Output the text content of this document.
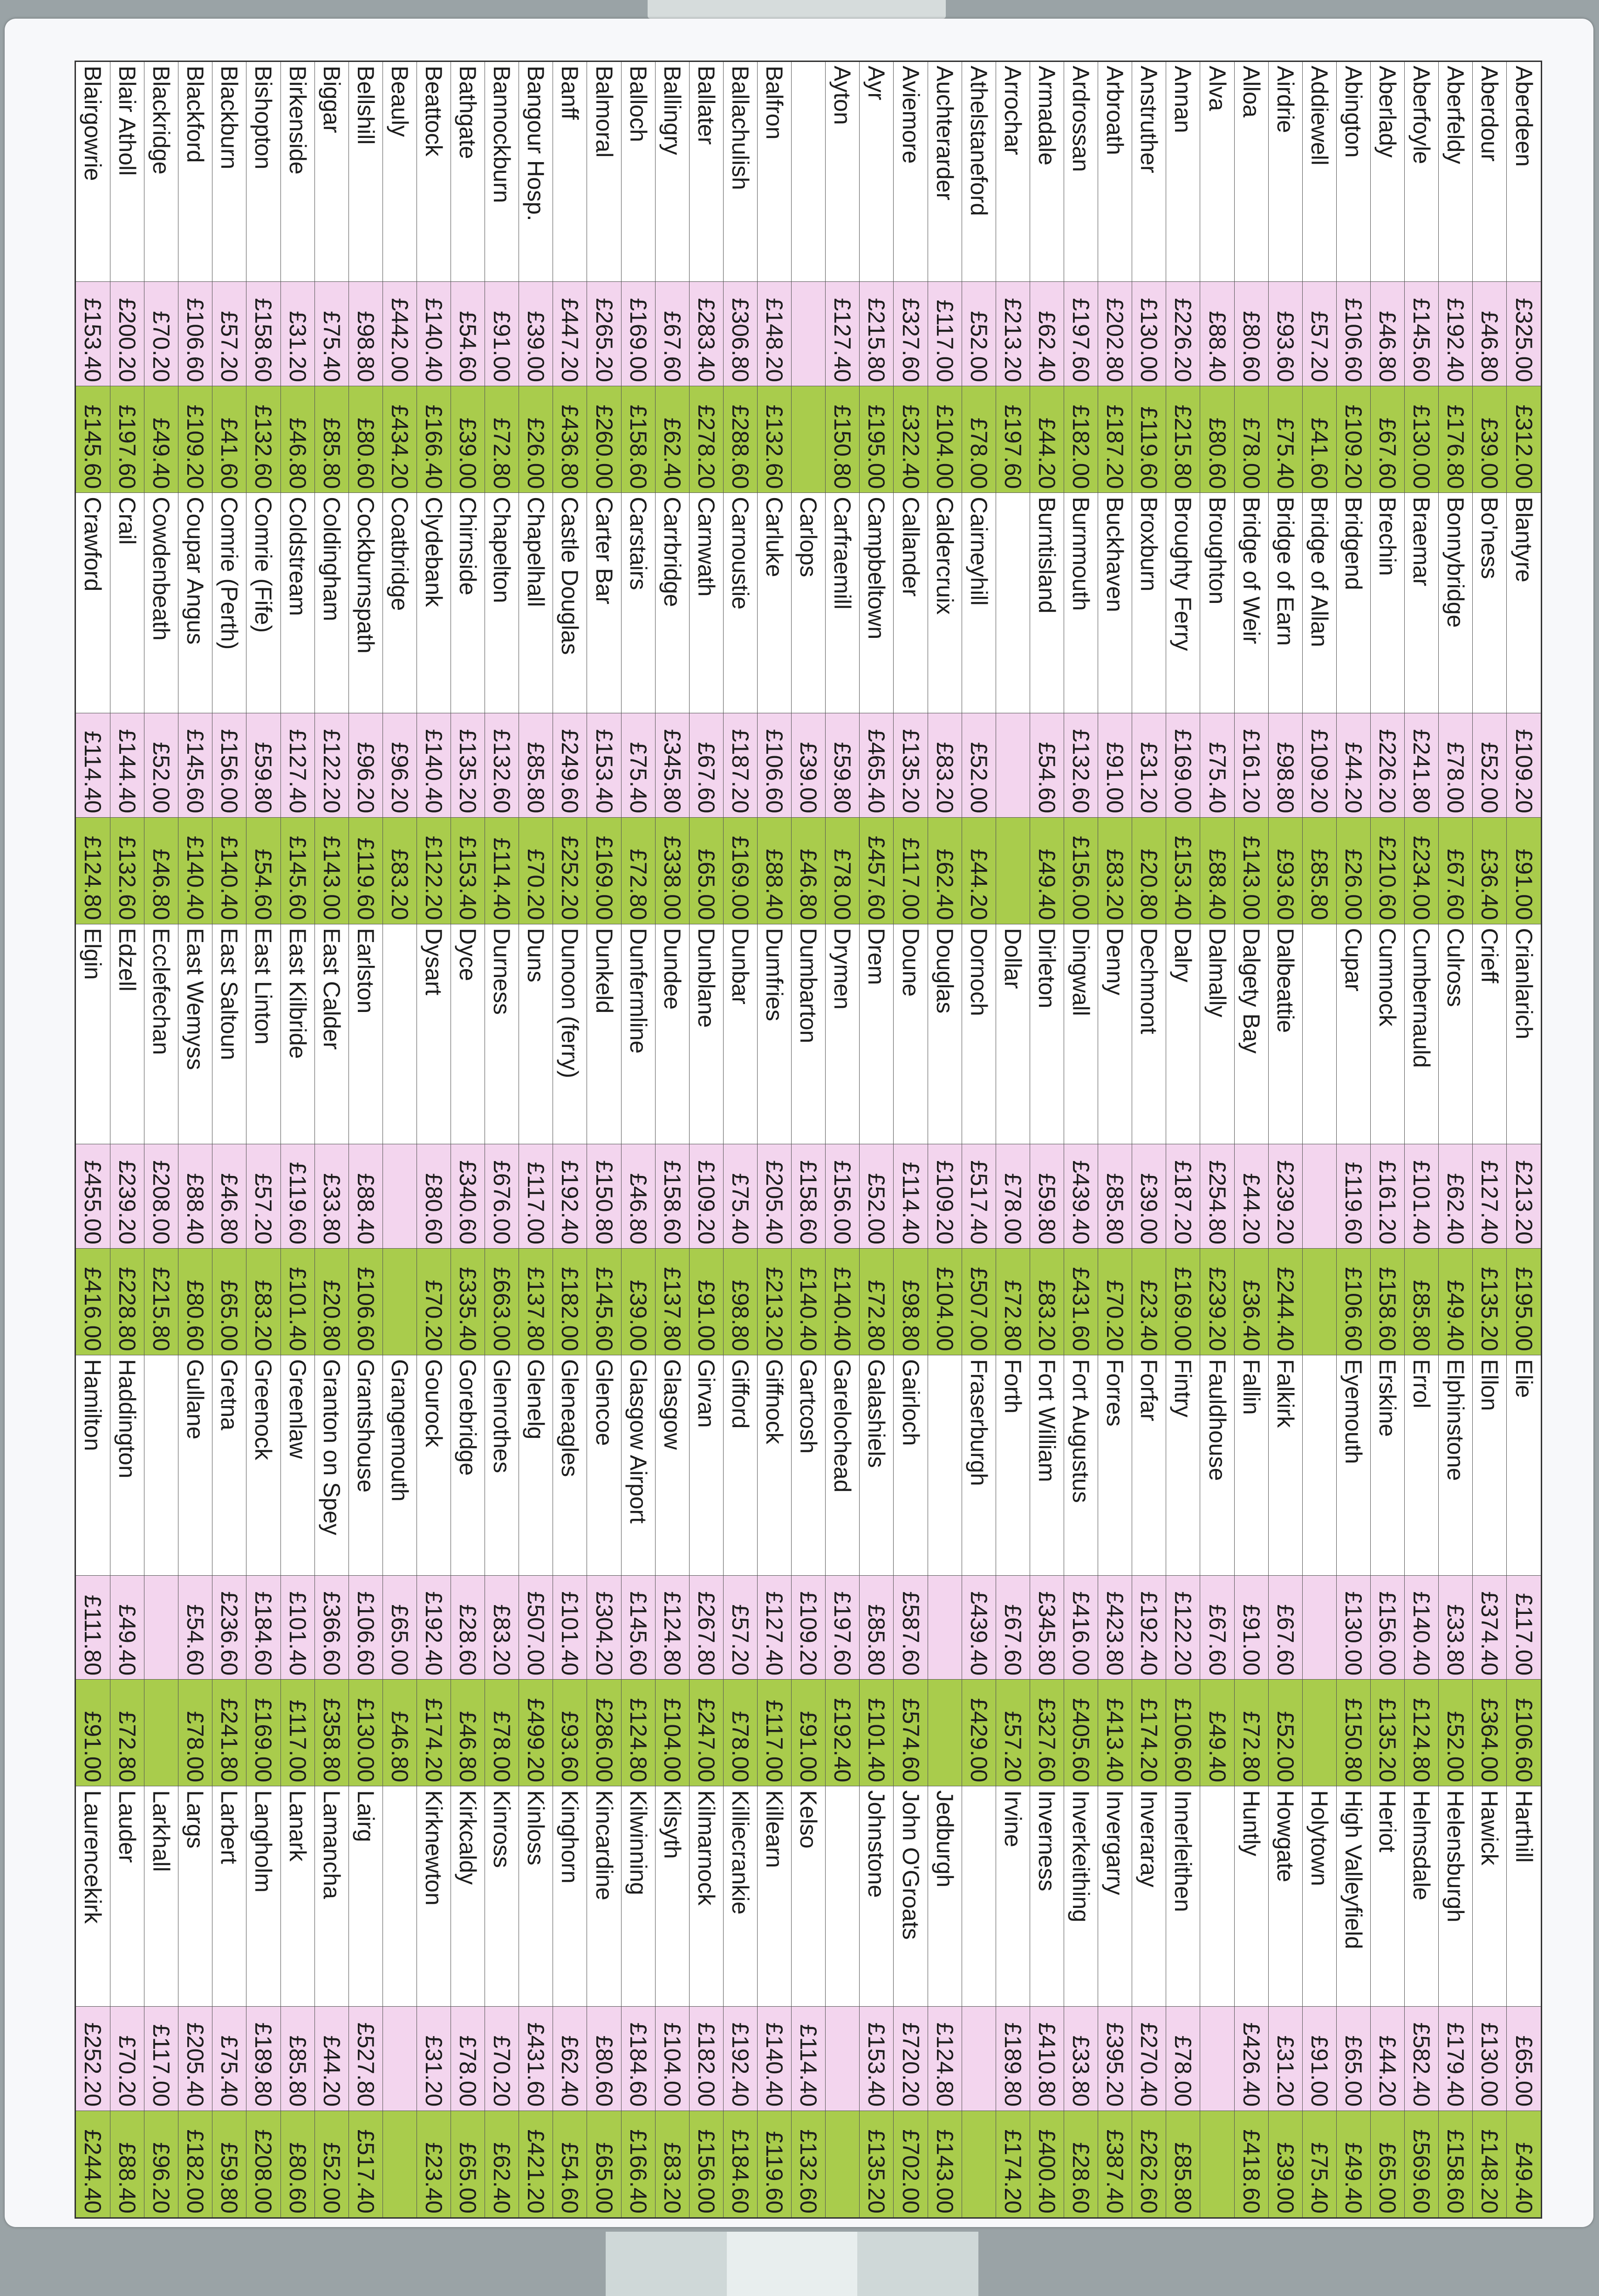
Aberdeen	£325.00	£312.00	Blantyre	£109.20	£91.00	Crianlarich	£213.20	£195.00	Elie	£117.00	£106.60	Harthill	£65.00	£49.40
Aberdour	£46.80	£39.00	Bo'ness	£52.00	£36.40	Crieff	£127.40	£135.20	Ellon	£374.40	£364.00	Hawick	£130.00	£148.20
Aberfeldy	£192.40	£176.80	Bonnybridge	£78.00	£67.60	Culross	£62.40	£49.40	Elphinstone	£33.80	£52.00	Helensburgh	£179.40	£158.60
Aberfoyle	£145.60	£130.00	Braemar	£241.80	£234.00	Cumbernauld	£101.40	£85.80	Errol	£140.40	£124.80	Helmsdale	£582.40	£569.60
Aberlady	£46.80	£67.60	Brechin	£226.20	£210.60	Cumnock	£161.20	£158.60	Erskine	£156.00	£135.20	Heriot	£44.20	£65.00
Abington	£106.60	£109.20	Bridgend	£44.20	£26.00	Cupar	£119.60	£106.60	Eyemouth	£130.00	£150.80	High Valleyfield	£65.00	£49.40
Addiewell	£57.20	£41.60	Bridge of Allan	£109.20	£85.80							Holytown	£91.00	£75.40
Airdrie	£93.60	£75.40	Bridge of Earn	£98.80	£93.60	Dalbeattie	£239.20	£244.40	Falkirk	£67.60	£52.00	Howgate	£31.20	£39.00
Alloa	£80.60	£78.00	Bridge of Weir	£161.20	£143.00	Dalgety Bay	£44.20	£36.40	Fallin	£91.00	£72.80	Huntly	£426.40	£418.60
Alva	£88.40	£80.60	Broughton	£75.40	£88.40	Dalmally	£254.80	£239.20	Fauldhouse	£67.60	£49.40			
Annan	£226.20	£215.80	Broughty Ferry	£169.00	£153.40	Dalry	£187.20	£169.00	Fintry	£122.20	£106.60	Innerleithen	£78.00	£85.80
Anstruther	£130.00	£119.60	Broxburn	£31.20	£20.80	Dechmont	£39.00	£23.40	Forfar	£192.40	£174.20	Inveraray	£270.40	£262.60
Arbroath	£202.80	£187.20	Buckhaven	£91.00	£83.20	Denny	£85.80	£70.20	Forres	£423.80	£413.40	Invergarry	£395.20	£387.40
Ardrossan	£197.60	£182.00	Burnmouth	£132.60	£156.00	Dingwall	£439.40	£431.60	Fort Augustus	£416.00	£405.60	Inverkeithing	£33.80	£28.60
Armadale	£62.40	£44.20	Burntisland	£54.60	£49.40	Dirleton	£59.80	£83.20	Fort William	£345.80	£327.60	Inverness	£410.80	£400.40
Arrochar	£213.20	£197.60				Dollar	£78.00	£72.80	Forth	£67.60	£57.20	Irvine	£189.80	£174.20
Athelstaneford	£52.00	£78.00	Cairneyhill	£52.00	£44.20	Dornoch	£517.40	£507.00	Fraserburgh	£439.40	£429.00			
Auchterarder	£117.00	£104.00	Caldercruix	£83.20	£62.40	Douglas	£109.20	£104.00				Jedburgh	£124.80	£143.00
Aviemore	£327.60	£322.40	Callander	£135.20	£117.00	Doune	£114.40	£98.80	Gairloch	£587.60	£574.60	John O'Groats	£720.20	£702.00
Ayr	£215.80	£195.00	Campbeltown	£465.40	£457.60	Drem	£52.00	£72.80	Galashiels	£85.80	£101.40	Johnstone	£153.40	£135.20
Ayton	£127.40	£150.80	Carfraemill	£59.80	£78.00	Drymen	£156.00	£140.40	Garelochead	£197.60	£192.40			
			Carlops	£39.00	£46.80	Dumbarton	£158.60	£140.40	Gartcosh	£109.20	£91.00	Kelso	£114.40	£132.60
Balfron	£148.20	£132.60	Carluke	£106.60	£88.40	Dumfries	£205.40	£213.20	Giffnock	£127.40	£117.00	Killearn	£140.40	£119.60
Ballachulish	£306.80	£288.60	Carnoustie	£187.20	£169.00	Dunbar	£75.40	£98.80	Gifford	£57.20	£78.00	Killiecrankie	£192.40	£184.60
Ballater	£283.40	£278.20	Carnwath	£67.60	£65.00	Dunblane	£109.20	£91.00	Girvan	£267.80	£247.00	Kilmarnock	£182.00	£156.00
Ballingry	£67.60	£62.40	Carrbridge	£345.80	£338.00	Dundee	£158.60	£137.80	Glasgow	£124.80	£104.00	Kilsyth	£104.00	£83.20
Balloch	£169.00	£158.60	Carstairs	£75.40	£72.80	Dunfermline	£46.80	£39.00	Glasgow Airport	£145.60	£124.80	Kilwinning	£184.60	£166.40
Balmoral	£265.20	£260.00	Carter Bar	£153.40	£169.00	Dunkeld	£150.80	£145.60	Glencoe	£304.20	£286.00	Kincardine	£80.60	£65.00
Banff	£447.20	£436.80	Castle Douglas	£249.60	£252.20	Dunoon (ferry)	£192.40	£182.00	Gleneagles	£101.40	£93.60	Kinghorn	£62.40	£54.60
Bangour Hosp.	£39.00	£26.00	Chapelhall	£85.80	£70.20	Duns	£117.00	£137.80	Glenelg	£507.00	£499.20	Kinloss	£431.60	£421.20
Bannockburn	£91.00	£72.80	Chapelton	£132.60	£114.40	Durness	£676.00	£663.00	Glenrothes	£83.20	£78.00	Kinross	£70.20	£62.40
Bathgate	£54.60	£39.00	Chirnside	£135.20	£153.40	Dyce	£340.60	£335.40	Gorebridge	£28.60	£46.80	Kirkcaldy	£78.00	£65.00
Beattock	£140.40	£166.40	Clydebank	£140.40	£122.20	Dysart	£80.60	£70.20	Gourock	£192.40	£174.20	Kirknewton	£31.20	£23.40
Beauly	£442.00	£434.20	Coatbridge	£96.20	£83.20				Grangemouth	£65.00	£46.80			
Bellshill	£98.80	£80.60	Cockburnspath	£96.20	£119.60	Earlston	£88.40	£106.60	Grantshouse	£106.60	£130.00	Lairg	£527.80	£517.40
Biggar	£75.40	£85.80	Coldingham	£122.20	£143.00	East Calder	£33.80	£20.80	Granton on Spey	£366.60	£358.80	Lamancha	£44.20	£52.00
Birkenside	£31.20	£46.80	Coldstream	£127.40	£145.60	East Kilbride	£119.60	£101.40	Greenlaw	£101.40	£117.00	Lanark	£85.80	£80.60
Bishopton	£158.60	£132.60	Comrie (Fife)	£59.80	£54.60	East Linton	£57.20	£83.20	Greenock	£184.60	£169.00	Langholm	£189.80	£208.00
Blackburn	£57.20	£41.60	Comrie (Perth)	£156.00	£140.40	East Saltoun	£46.80	£65.00	Gretna	£236.60	£241.80	Larbert	£75.40	£59.80
Blackford	£106.60	£109.20	Coupar Angus	£145.60	£140.40	East Wemyss	£88.40	£80.60	Gullane	£54.60	£78.00	Largs	£205.40	£182.00
Blackridge	£70.20	£49.40	Cowdenbeath	£52.00	£46.80	Ecclefechan	£208.00	£215.80				Larkhall	£117.00	£96.20
Blair Atholl	£200.20	£197.60	Crail	£144.40	£132.60	Edzell	£239.20	£228.80	Haddington	£49.40	£72.80	Lauder	£70.20	£88.40
Blairgowrie	£153.40	£145.60	Crawford	£114.40	£124.80	Elgin	£455.00	£416.00	Hamilton	£111.80	£91.00	Laurencekirk	£252.20	£244.40
